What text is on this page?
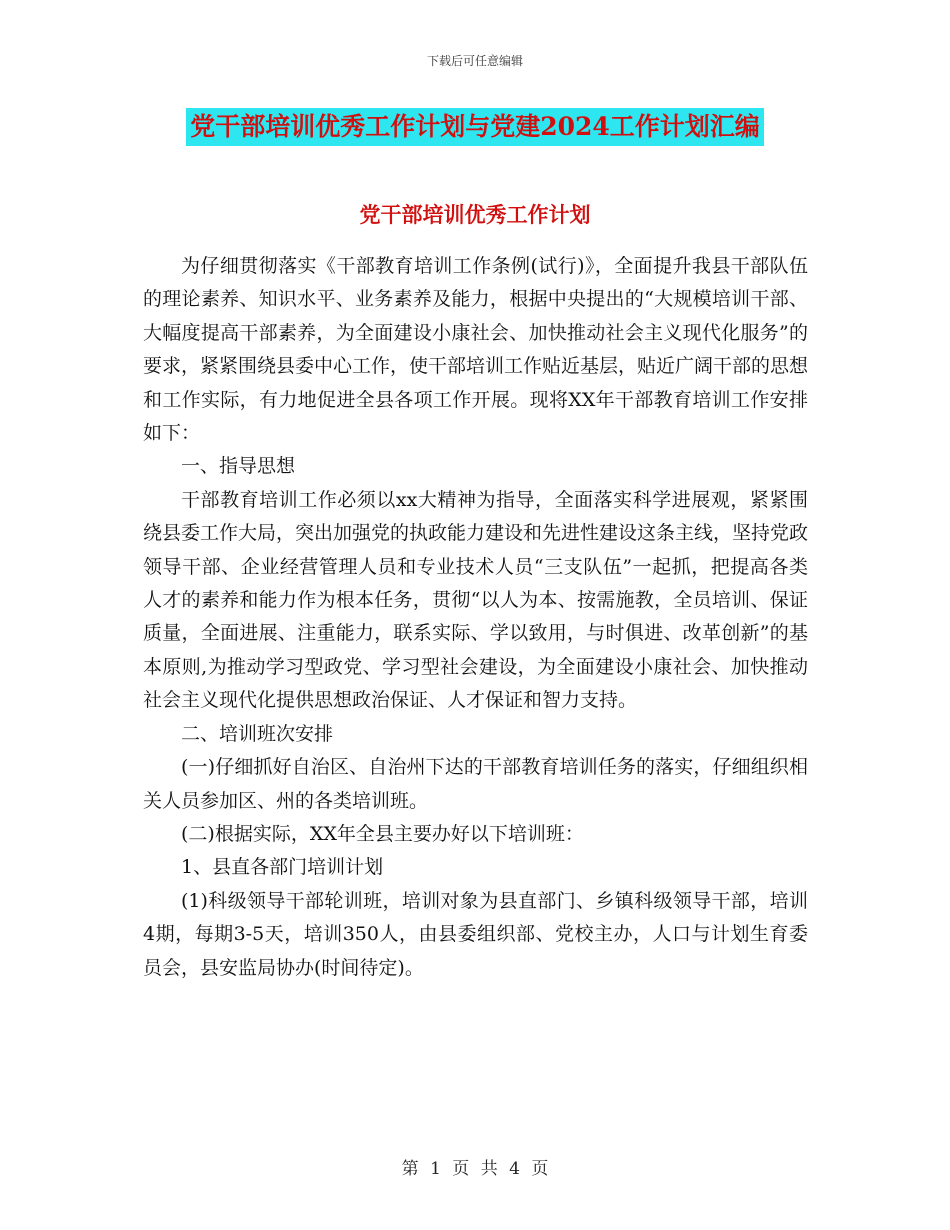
下载后可任意编辑
党干部培训优秀工作计划与党建2024工作计划汇编
党干部培训优秀工作计划

为仔细贯彻落实《干部教育培训工作条例(试行)》，全面提升我县干部队伍的理论素养、知识水平、业务素养及能力，根据中央提出的“大规模培训干部、大幅度提高干部素养，为全面建设小康社会、加快推动社会主义现代化服务”的要求，紧紧围绕县委中心工作，使干部培训工作贴近基层，贴近广阔干部的思想和工作实际，有力地促进全县各项工作开展。现将XX年干部教育培训工作安排如下：

一、指导思想

干部教育培训工作必须以xx大精神为指导，全面落实科学进展观，紧紧围绕县委工作大局，突出加强党的执政能力建设和先进性建设这条主线，坚持党政领导干部、企业经营管理人员和专业技术人员“三支队伍”一起抓，把提高各类人才的素养和能力作为根本任务，贯彻“以人为本、按需施教，全员培训、保证质量，全面进展、注重能力，联系实际、学以致用，与时俱进、改革创新”的基本原则,为推动学习型政党、学习型社会建设，为全面建设小康社会、加快推动社会主义现代化提供思想政治保证、人才保证和智力支持。

二、培训班次安排

(一)仔细抓好自治区、自治州下达的干部教育培训任务的落实，仔细组织相关人员参加区、州的各类培训班。

(二)根据实际，XX年全县主要办好以下培训班：

1、县直各部门培训计划

(1)科级领导干部轮训班，培训对象为县直部门、乡镇科级领导干部，培训4期，每期3-5天，培训350人，由县委组织部、党校主办，人口与计划生育委员会，县安监局协办(时间待定)。

第 1 页 共 4 页
